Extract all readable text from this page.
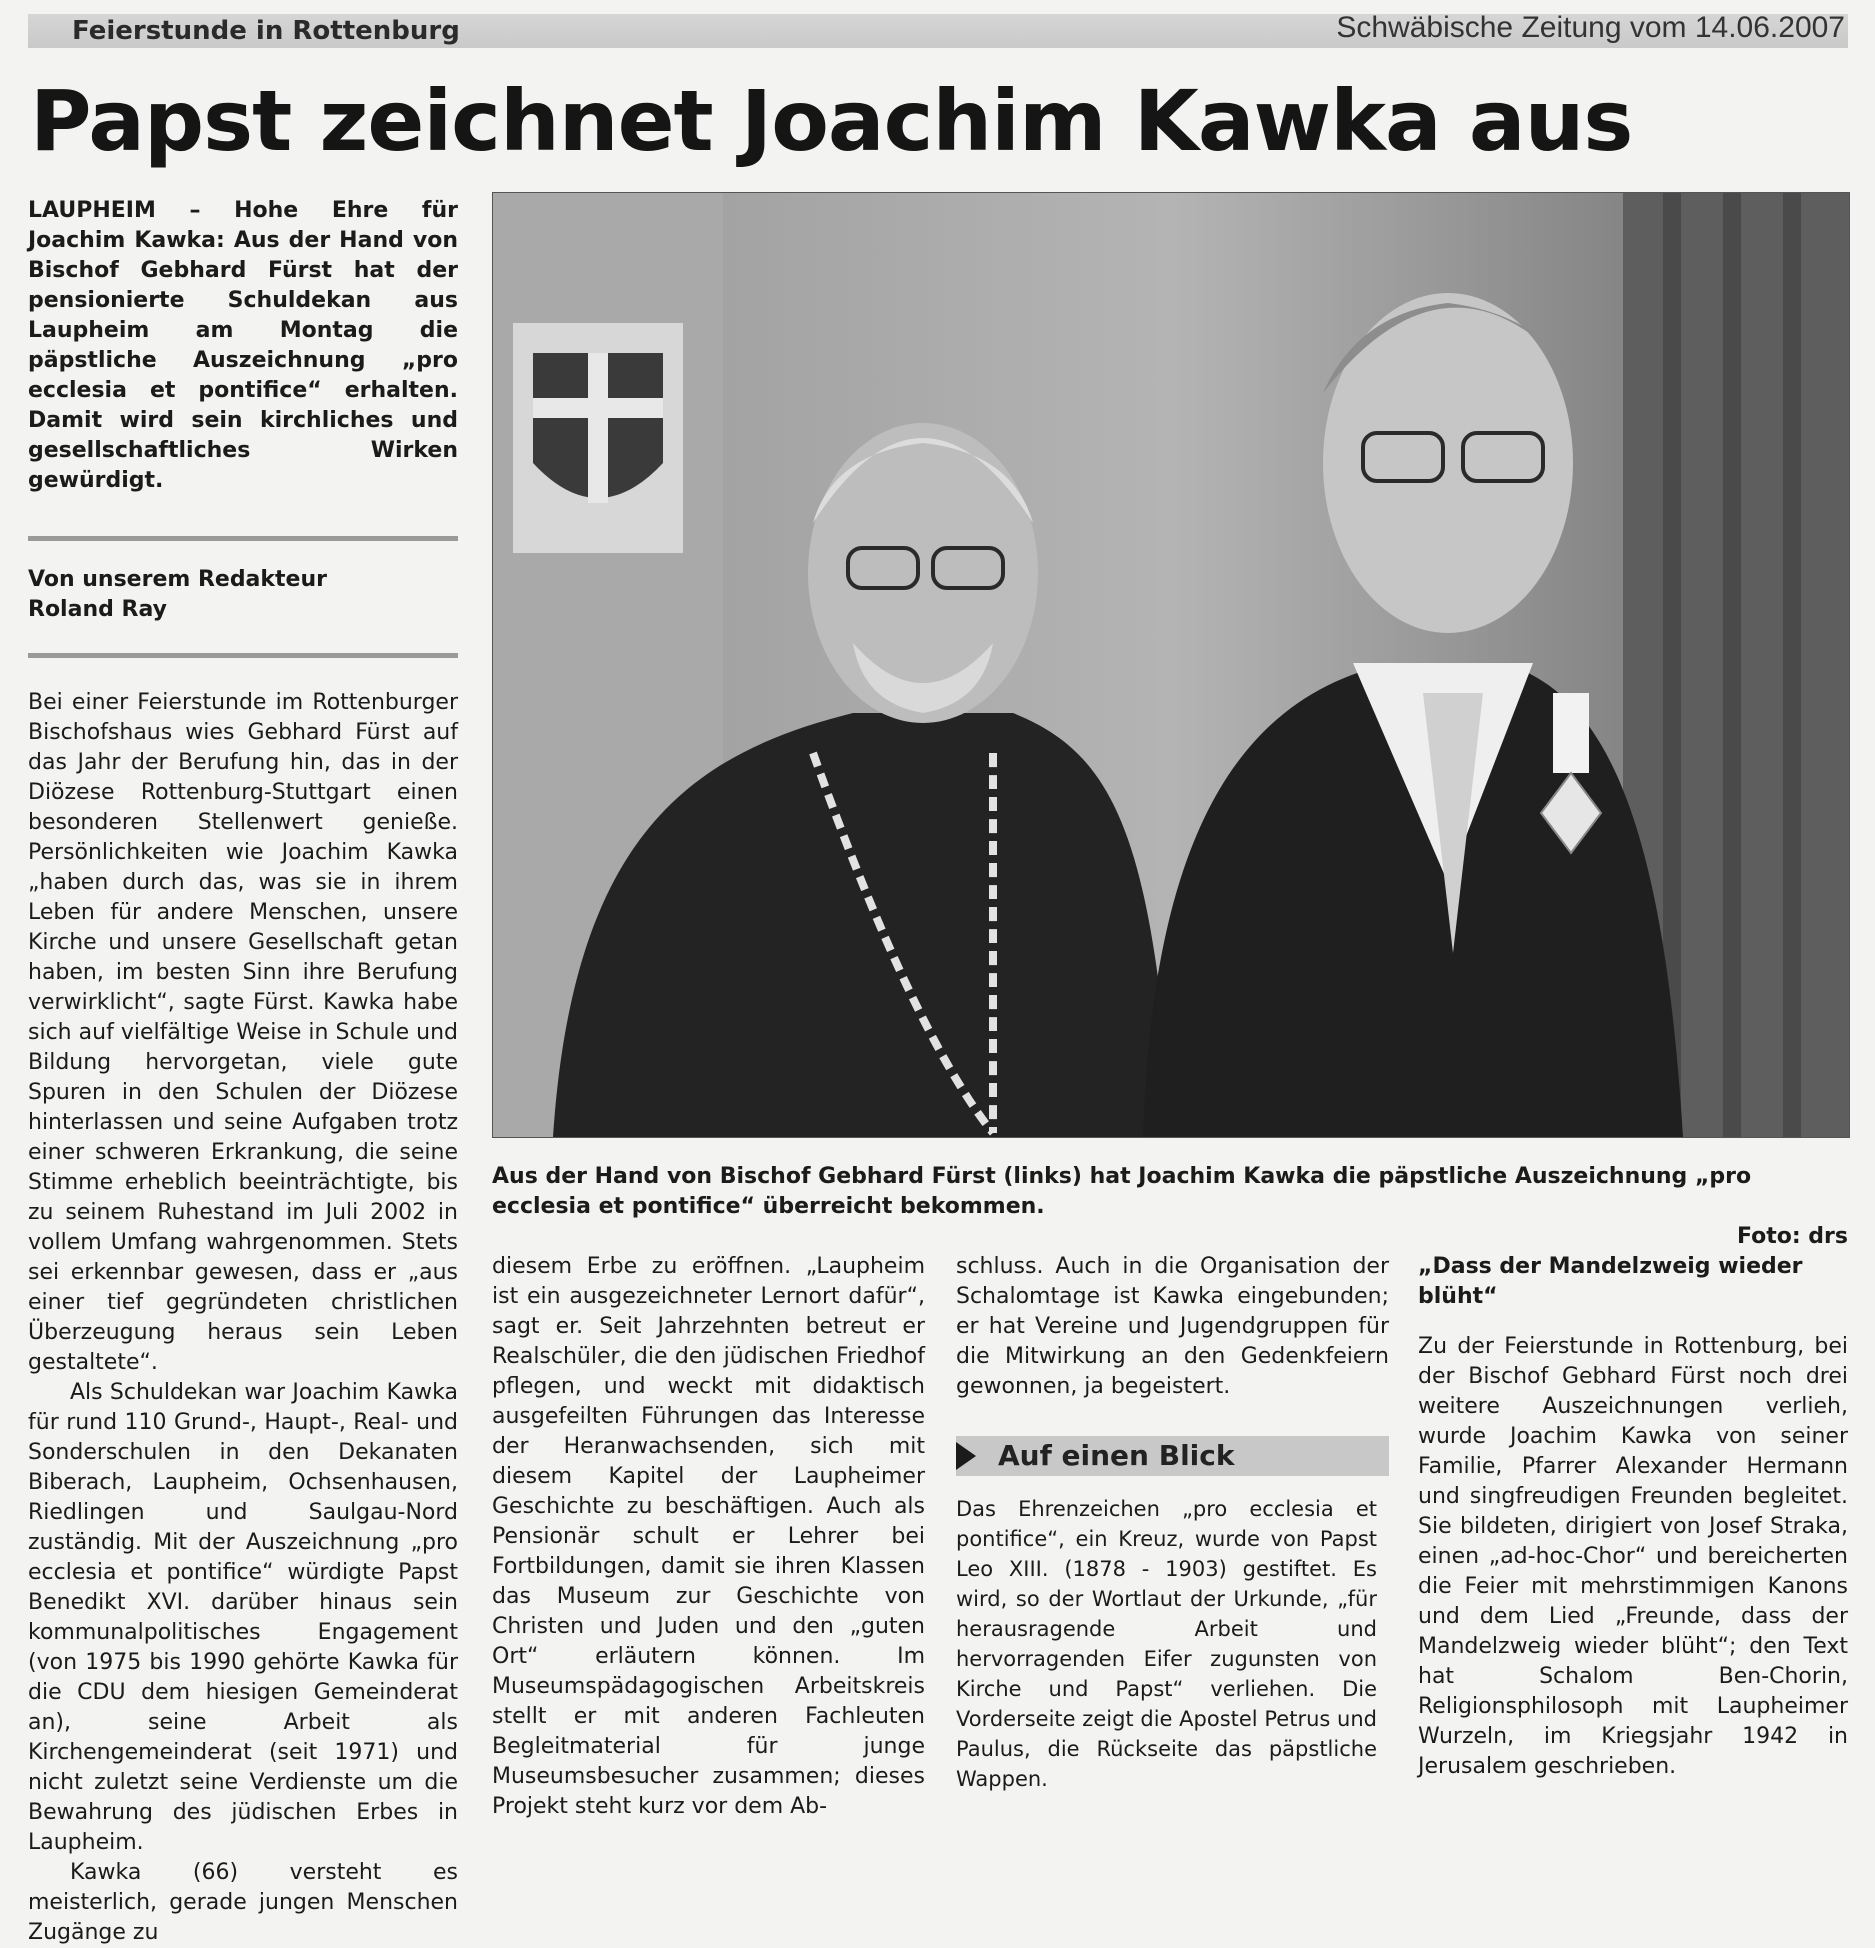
Feierstunde in Rottenburg	Schwäbische Zeitung vom 14.06.2007
Papst zeichnet Joachim Kawka aus

LAUPHEIM – Hohe Ehre für Joachim Kawka: Aus der Hand von Bischof Gebhard Fürst hat der pensionierte Schuldekan aus Laupheim am Montag die päpstliche Auszeichnung „pro ecclesia et pontifice“ erhalten. Damit wird sein kirchliches und gesellschaftliches Wirken gewürdigt.

Von unserem Redakteur
Roland Ray

Bei einer Feierstunde im Rottenburger Bischofshaus wies Gebhard Fürst auf das Jahr der Berufung hin, das in der Diözese Rottenburg-Stuttgart einen besonderen Stellenwert genieße. Persönlichkeiten wie Joachim Kawka „haben durch das, was sie in ihrem Leben für andere Menschen, unsere Kirche und unsere Gesellschaft getan haben, im besten Sinn ihre Berufung verwirklicht“, sagte Fürst. Kawka habe sich auf vielfältige Weise in Schule und Bildung hervorgetan, viele gute Spuren in den Schulen der Diözese hinterlassen und seine Aufgaben trotz einer schweren Erkrankung, die seine Stimme erheblich beeinträchtigte, bis zu seinem Ruhestand im Juli 2002 in vollem Umfang wahrgenommen. Stets sei erkennbar gewesen, dass er „aus einer tief gegründeten christlichen Überzeugung heraus sein Leben gestaltete“.

Als Schuldekan war Joachim Kawka für rund 110 Grund-, Haupt-, Real- und Sonderschulen in den Dekanaten Biberach, Laupheim, Ochsenhausen, Riedlingen und Saulgau-Nord zuständig. Mit der Auszeichnung „pro ecclesia et pontifice“ würdigte Papst Benedikt XVI. darüber hinaus sein kommunalpolitisches Engagement (von 1975 bis 1990 gehörte Kawka für die CDU dem hiesigen Gemeinderat an), seine Arbeit als Kirchengemeinderat (seit 1971) und nicht zuletzt seine Verdienste um die Bewahrung des jüdischen Erbes in Laupheim.

Kawka (66) versteht es meisterlich, gerade jungen Menschen Zugänge zu

Aus der Hand von Bischof Gebhard Fürst (links) hat Joachim Kawka die päpstliche Auszeichnung „pro ecclesia et pontifice“ überreicht bekommen.
Foto: drs

diesem Erbe zu eröffnen. „Laupheim ist ein ausgezeichneter Lernort dafür“, sagt er. Seit Jahrzehnten betreut er Realschüler, die den jüdischen Friedhof pflegen, und weckt mit didaktisch ausgefeilten Führungen das Interesse der Heranwachsenden, sich mit diesem Kapitel der Laupheimer Geschichte zu beschäftigen. Auch als Pensionär schult er Lehrer bei Fortbildungen, damit sie ihren Klassen das Museum zur Geschichte von Christen und Juden und den „guten Ort“ erläutern können. Im Museumspädagogischen Arbeitskreis stellt er mit anderen Fachleuten Begleitmaterial für junge Museumsbesucher zusammen; dieses Projekt steht kurz vor dem Ab-

schluss. Auch in die Organisation der Schalomtage ist Kawka eingebunden; er hat Vereine und Jugendgruppen für die Mitwirkung an den Gedenkfeiern gewonnen, ja begeistert.

Auf einen Blick

Das Ehrenzeichen „pro ecclesia et pontifice“, ein Kreuz, wurde von Papst Leo XIII. (1878 - 1903) gestiftet. Es wird, so der Wortlaut der Urkunde, „für herausragende Arbeit und hervorragenden Eifer zugunsten von Kirche und Papst“ verliehen. Die Vorderseite zeigt die Apostel Petrus und Paulus, die Rückseite das päpstliche Wappen.

„Dass der Mandelzweig wieder blüht“

Zu der Feierstunde in Rottenburg, bei der Bischof Gebhard Fürst noch drei weitere Auszeichnungen verlieh, wurde Joachim Kawka von seiner Familie, Pfarrer Alexander Hermann und singfreudigen Freunden begleitet. Sie bildeten, dirigiert von Josef Straka, einen „ad-hoc-Chor“ und bereicherten die Feier mit mehrstimmigen Kanons und dem Lied „Freunde, dass der Mandelzweig wieder blüht“; den Text hat Schalom Ben-Chorin, Religionsphilosoph mit Laupheimer Wurzeln, im Kriegsjahr 1942 in Jerusalem geschrieben.
